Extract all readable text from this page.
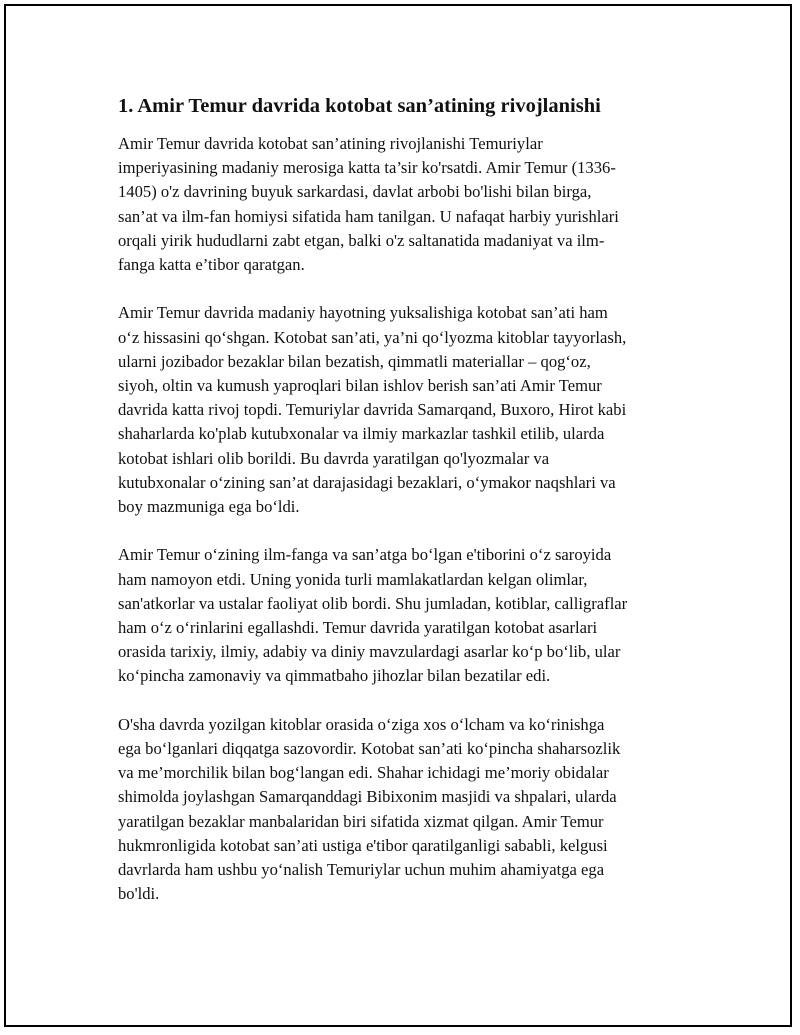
1. Amir Temur davrida kotobat san’atining rivojlanishi

Amir Temur davrida kotobat san’atining rivojlanishi Temuriylar
imperiyasining madaniy merosiga katta ta’sir ko'rsatdi. Amir Temur (1336-
1405) o'z davrining buyuk sarkardasi, davlat arbobi bo'lishi bilan birga,
san’at va ilm-fan homiysi sifatida ham tanilgan. U nafaqat harbiy yurishlari
orqali yirik hududlarni zabt etgan, balki o'z saltanatida madaniyat va ilm-
fanga katta e’tibor qaratgan.

Amir Temur davrida madaniy hayotning yuksalishiga kotobat san’ati ham
o‘z hissasini qo‘shgan. Kotobat san’ati, ya’ni qo‘lyozma kitoblar tayyorlash,
ularni jozibador bezaklar bilan bezatish, qimmatli materiallar – qog‘oz,
siyoh, oltin va kumush yaproqlari bilan ishlov berish san’ati Amir Temur
davrida katta rivoj topdi. Temuriylar davrida Samarqand, Buxoro, Hirot kabi
shaharlarda ko'plab kutubxonalar va ilmiy markazlar tashkil etilib, ularda
kotobat ishlari olib borildi. Bu davrda yaratilgan qo'lyozmalar va
kutubxonalar o‘zining san’at darajasidagi bezaklari, o‘ymakor naqshlari va
boy mazmuniga ega bo‘ldi.

Amir Temur o‘zining ilm-fanga va san’atga bo‘lgan e'tiborini o‘z saroyida
ham namoyon etdi. Uning yonida turli mamlakatlardan kelgan olimlar,
san'atkorlar va ustalar faoliyat olib bordi. Shu jumladan, kotiblar, calligraflar
ham o‘z o‘rinlarini egallashdi. Temur davrida yaratilgan kotobat asarlari
orasida tarixiy, ilmiy, adabiy va diniy mavzulardagi asarlar ko‘p bo‘lib, ular
ko‘pincha zamonaviy va qimmatbaho jihozlar bilan bezatilar edi.

O'sha davrda yozilgan kitoblar orasida o‘ziga xos o‘lcham va ko‘rinishga
ega bo‘lganlari diqqatga sazovordir. Kotobat san’ati ko‘pincha shaharsozlik
va me’morchilik bilan bog‘langan edi. Shahar ichidagi me’moriy obidalar
shimolda joylashgan Samarqanddagi Bibixonim masjidi va shpalari, ularda
yaratilgan bezaklar manbalaridan biri sifatida xizmat qilgan. Amir Temur
hukmronligida kotobat san’ati ustiga e'tibor qaratilganligi sababli, kelgusi
davrlarda ham ushbu yo‘nalish Temuriylar uchun muhim ahamiyatga ega
bo'ldi.
